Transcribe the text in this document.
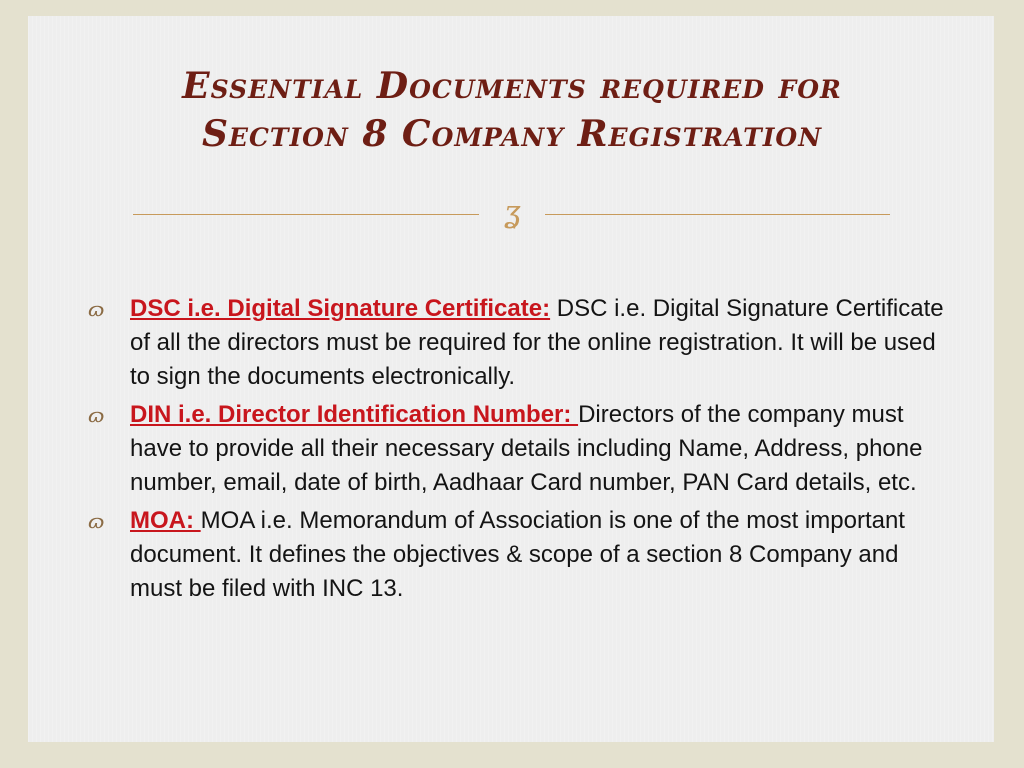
Essential Documents required for
Section 8 Company Registration
ʓ
ɷ DSC i.e. Digital Signature Certificate: DSC i.e. Digital Signature Certificate of all the directors must be required for the online registration. It will be used to sign the documents electronically.
ɷ DIN i.e. Director Identification Number: Directors of the company must have to provide all their necessary details including Name, Address, phone number, email, date of birth, Aadhaar Card number, PAN Card details, etc.
ɷ MOA: MOA i.e. Memorandum of Association is one of the most important document. It defines the objectives & scope of a section 8 Company and must be filed with INC 13.
